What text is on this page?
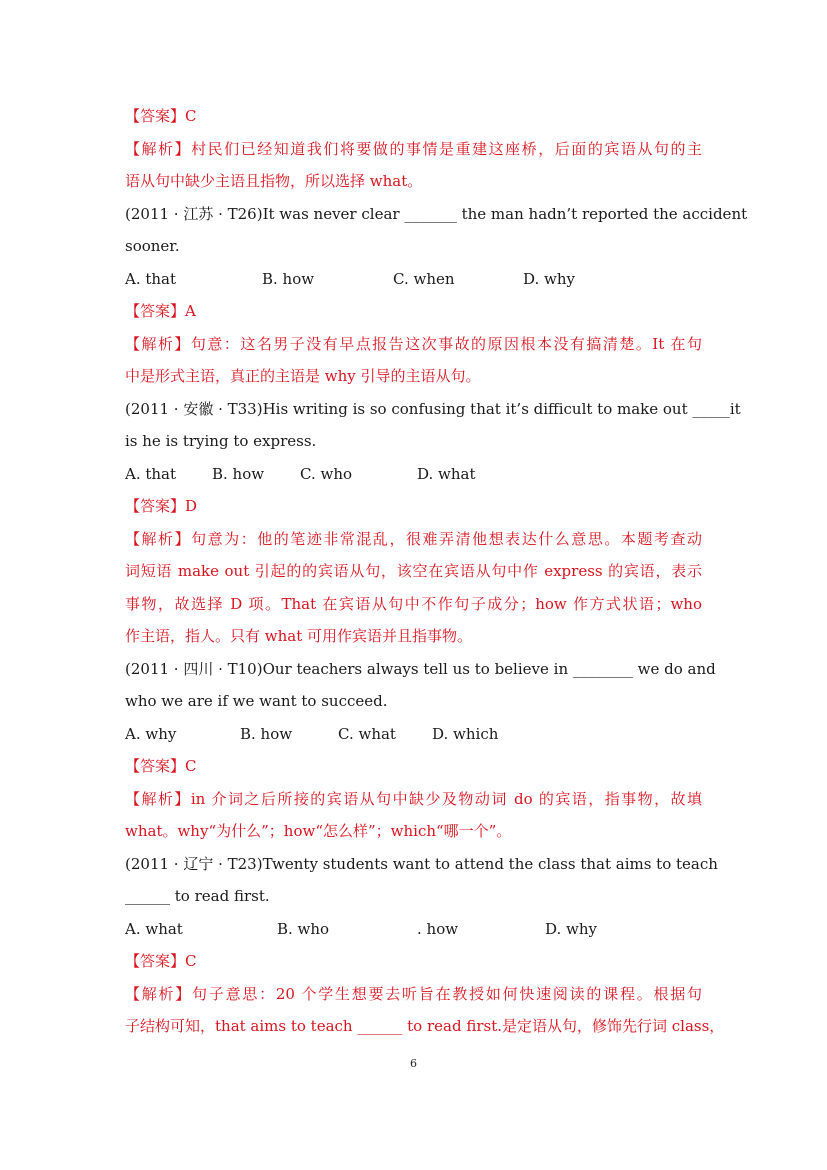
【答案】C
【解析】村民们已经知道我们将要做的事情是重建这座桥，后面的宾语从句的主
语从句中缺少主语且指物，所以选择 what。
(2011 · 江苏 · T26)It was never clear _______ the man hadn’t reported the accident
sooner.
A. that	B. how	C. when	D. why
【答案】A
【解析】句意：这名男子没有早点报告这次事故的原因根本没有搞清楚。It 在句
中是形式主语，真正的主语是 why 引导的主语从句。
(2011 · 安徽 · T33)His writing is so confusing that it’s difficult to make out _____it
is he is trying to express.
A. that B. how C. who	D. what
【答案】D
【解析】句意为：他的笔迹非常混乱，很难弄清他想表达什么意思。本题考查动
词短语 make out 引起的的宾语从句，该空在宾语从句中作 express 的宾语，表示
事物，故选择 D 项。That 在宾语从句中不作句子成分；how 作方式状语；who
作主语，指人。只有 what 可用作宾语并且指事物。
(2011 · 四川 · T10)Our teachers always tell us to believe in ________ we do and
who we are if we want to succeed.
A. why	B. how	C. what D. which
【答案】C
【解析】in 介词之后所接的宾语从句中缺少及物动词 do 的宾语，指事物，故填
what。why“为什么”；how“怎么样”；which“哪一个”。
(2011 · 辽宁 · T23)Twenty students want to attend the class that aims to teach
______ to read first.
A. what	B. who	. how	D. why
【答案】C
【解析】句子意思：20 个学生想要去听旨在教授如何快速阅读的课程。根据句
子结构可知，that aims to teach ______ to read first.是定语从句，修饰先行词 class，
6
